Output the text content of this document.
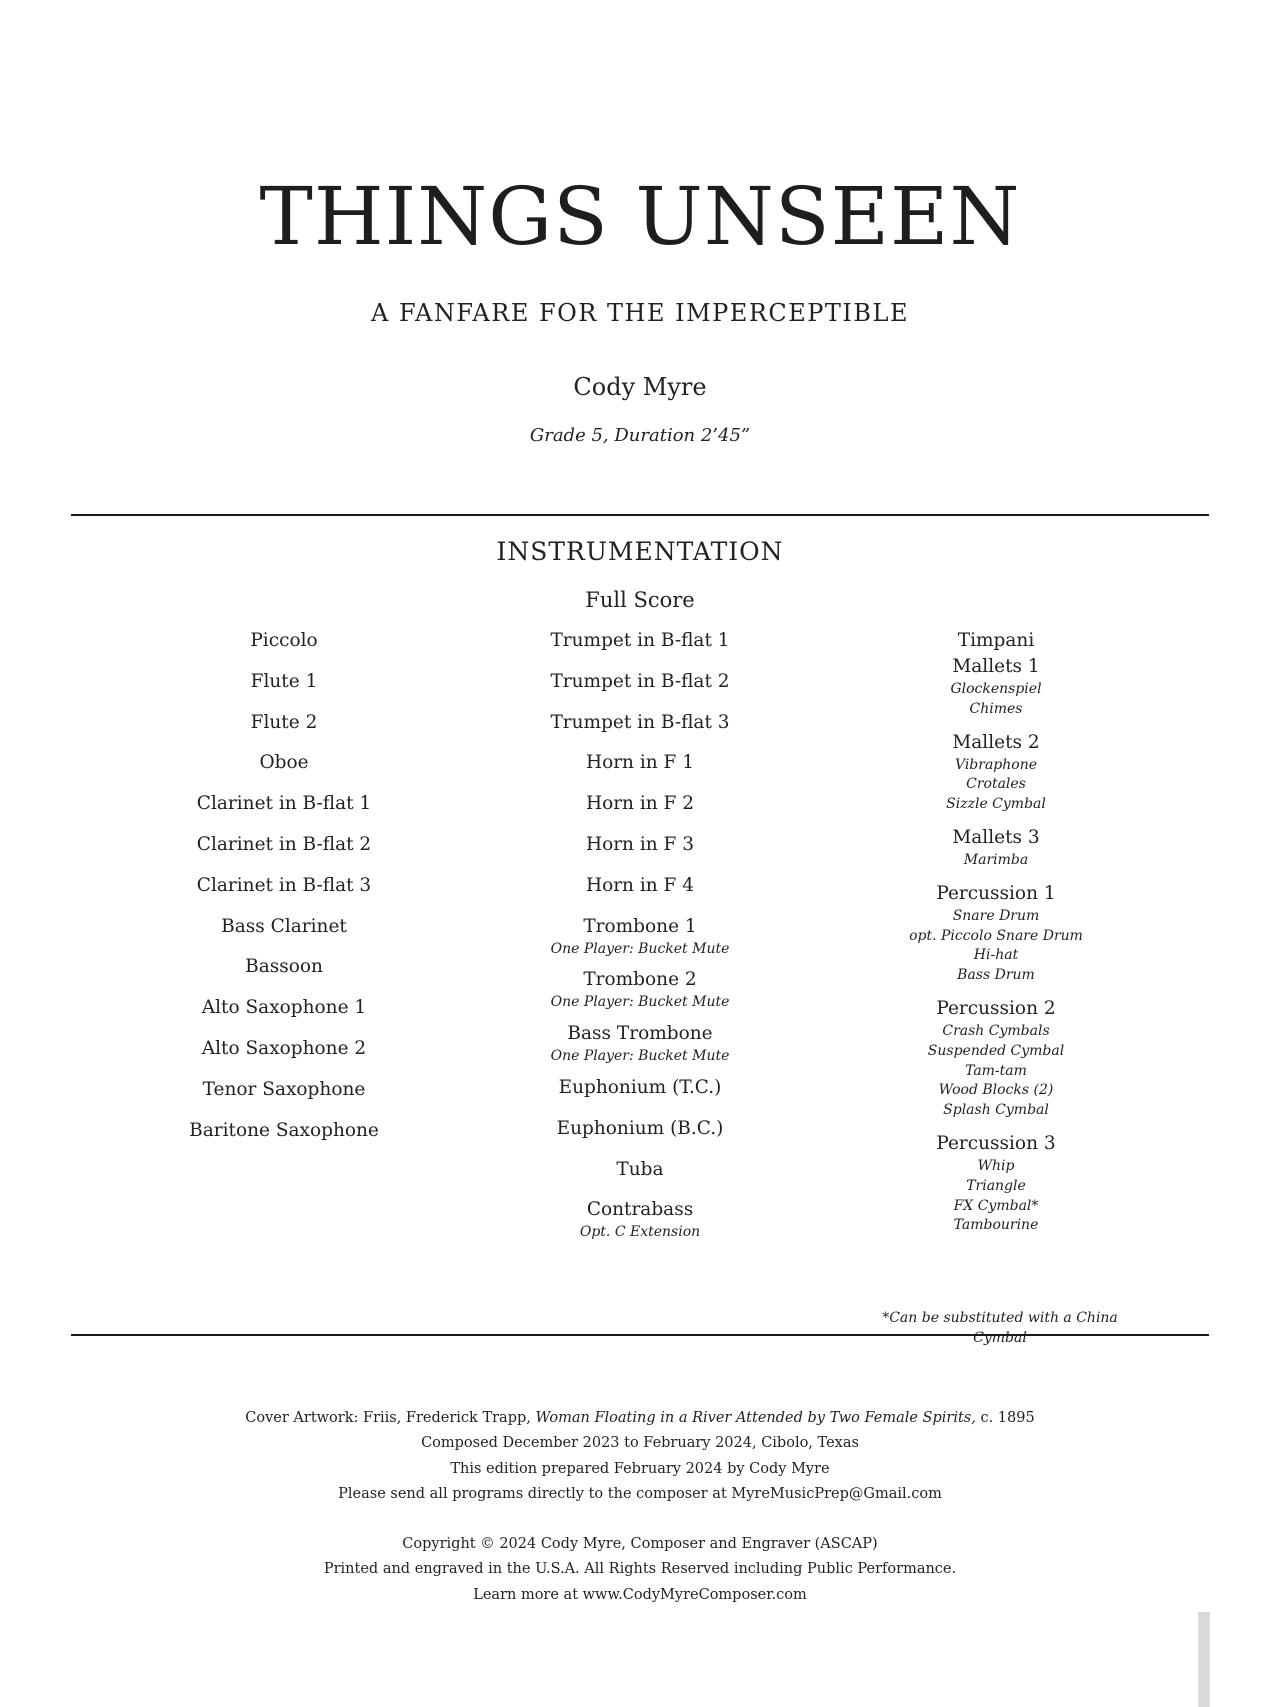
THINGS UNSEEN
A FANFARE FOR THE IMPERCEPTIBLE
Cody Myre
Grade 5, Duration 2’45”
INSTRUMENTATION
Full Score
Piccolo
Flute 1
Flute 2
Oboe
Clarinet in B-flat 1
Clarinet in B-flat 2
Clarinet in B-flat 3
Bass Clarinet
Bassoon
Alto Saxophone 1
Alto Saxophone 2
Tenor Saxophone
Baritone Saxophone
Trumpet in B-flat 1
Trumpet in B-flat 2
Trumpet in B-flat 3
Horn in F 1
Horn in F 2
Horn in F 3
Horn in F 4
Trombone 1
One Player: Bucket Mute
Trombone 2
One Player: Bucket Mute
Bass Trombone
One Player: Bucket Mute
Euphonium (T.C.)
Euphonium (B.C.)
Tuba
Contrabass
Opt. C Extension
Timpani
Mallets 1
Glockenspiel
Chimes
Mallets 2
Vibraphone
Crotales
Sizzle Cymbal
Mallets 3
Marimba
Percussion 1
Snare Drum
opt. Piccolo Snare Drum
Hi-hat
Bass Drum
Percussion 2
Crash Cymbals
Suspended Cymbal
Tam-tam
Wood Blocks (2)
Splash Cymbal
Percussion 3
Whip
Triangle
FX Cymbal*
Tambourine
*Can be substituted with a China Cymbal
Cover Artwork: Friis, Frederick Trapp, Woman Floating in a River Attended by Two Female Spirits, c. 1895
Composed December 2023 to February 2024, Cibolo, Texas
This edition prepared February 2024 by Cody Myre
Please send all programs directly to the composer at MyreMusicPrep@Gmail.com
Copyright © 2024 Cody Myre, Composer and Engraver (ASCAP)
Printed and engraved in the U.S.A. All Rights Reserved including Public Performance.
Learn more at www.CodyMyreComposer.com
